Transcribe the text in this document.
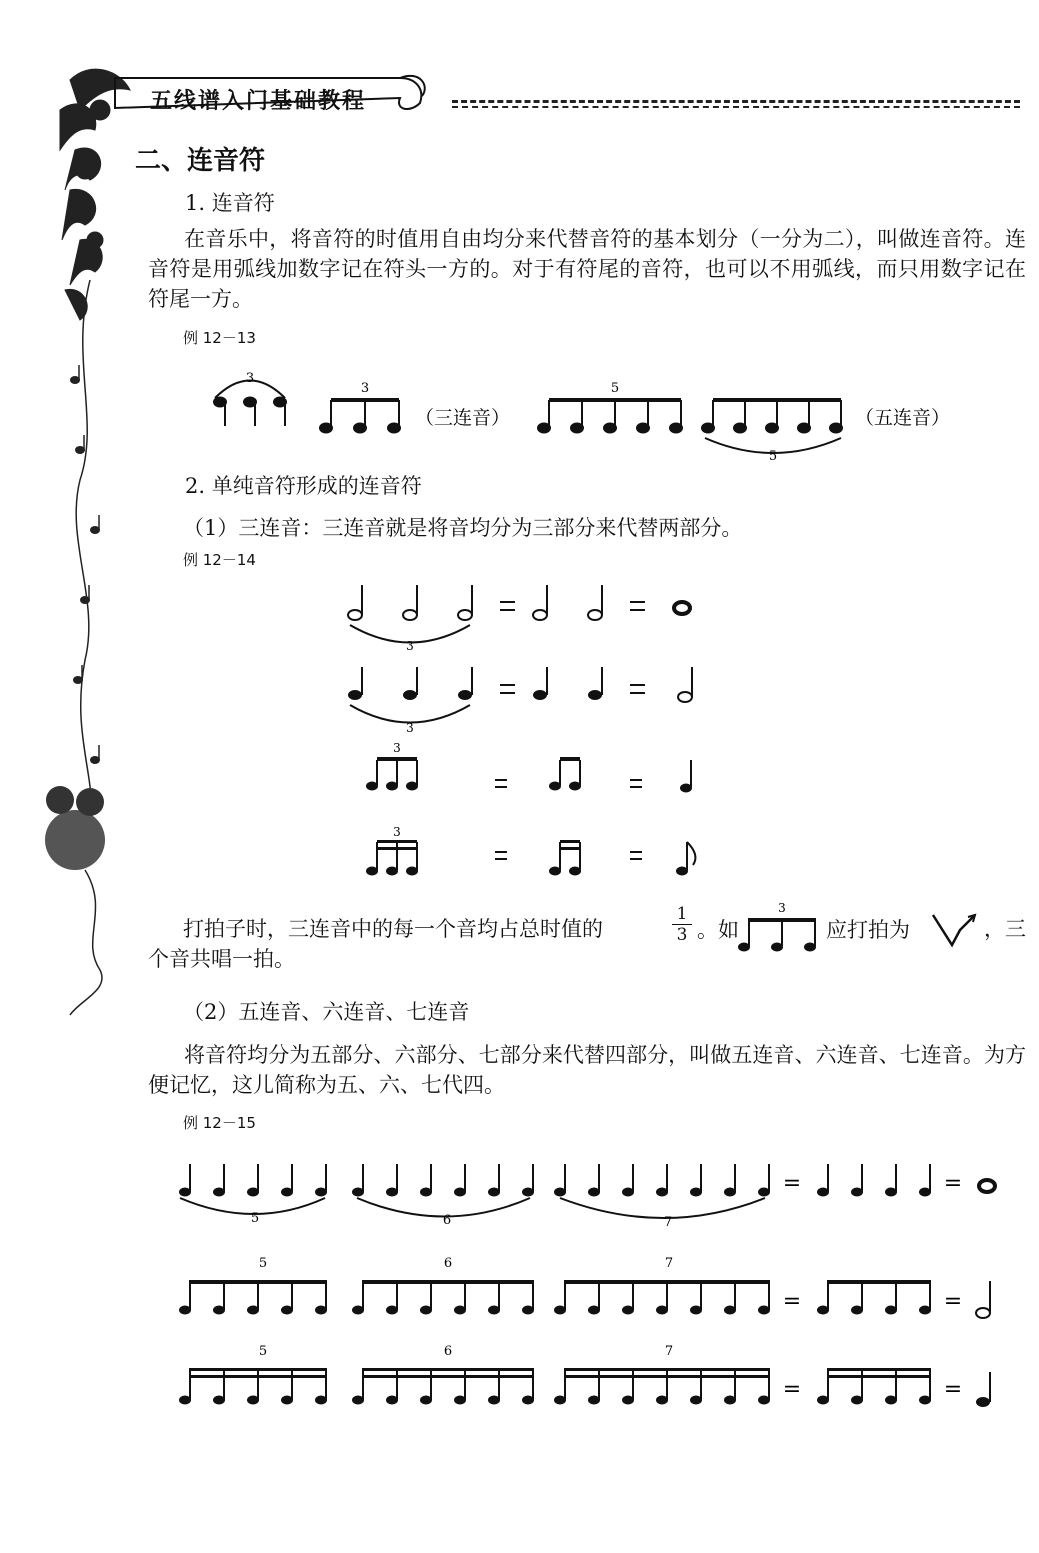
五线谱入门基础教程
二、连音符
1. 连音符
在音乐中，将音符的时值用自由均分来代替音符的基本划分（一分为二），叫做连音符。连音符是用弧线加数字记在符头一方的。对于有符尾的音符，也可以不用弧线，而只用数字记在符尾一方。
例 12－13
3
3	5
5
（三连音）	（五连音）
2. 单纯音符形成的连音符
（1）三连音：三连音就是将音均分为三部分来代替两部分。
例 12－14
3
3
3
3
打拍子时，三连音中的每一个音均占总时值的	$\frac{1}{3}$ 。如
3
应打拍为	，三个音共唱一拍。
（2）五连音、六连音、七连音
将音符均分为五部分、六部分、七部分来代替四部分，叫做五连音、六连音、七连音。为方便记忆，这儿简称为五、六、七代四。
例 12－15
5	6	7
5	6	7
5	6	7
=	=
=	=
=	=
